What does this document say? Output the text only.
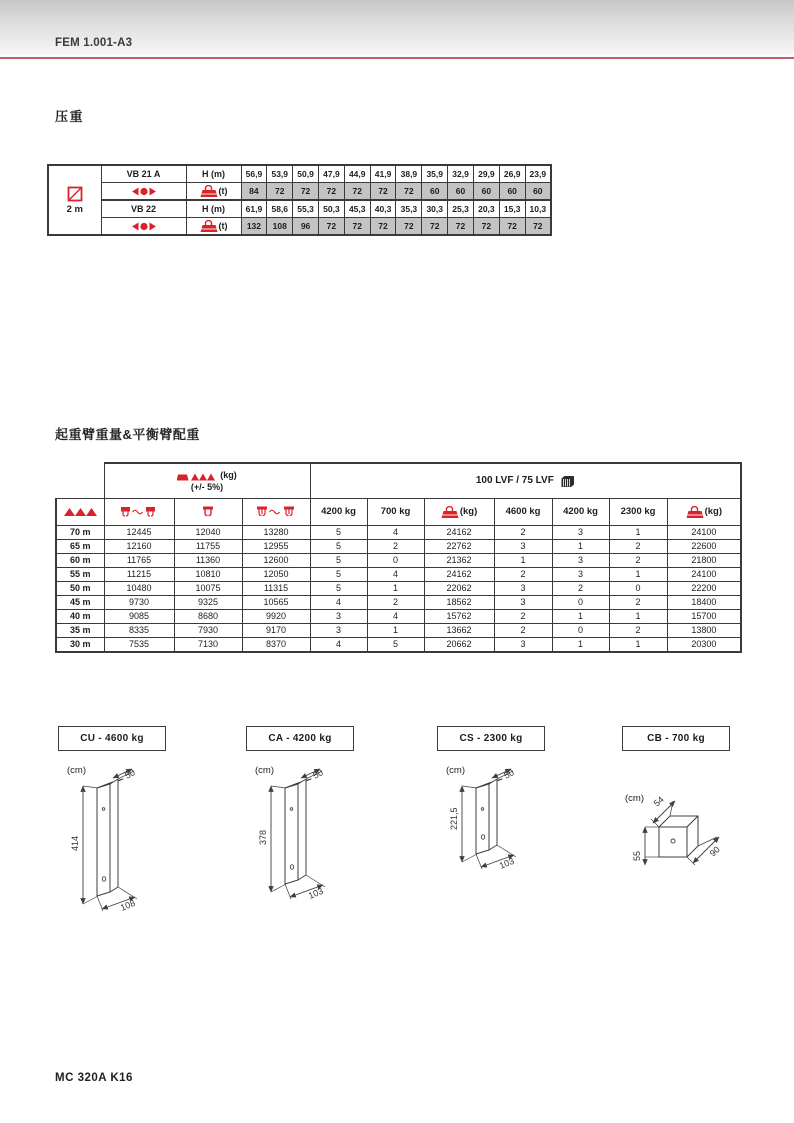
FEM 1.001-A3
压重
2 m	VB 21 A	H (m)	56,9	53,9	50,9	47,9	44,9	41,9	38,9	35,9	32,9	29,9	26,9	23,9

(t)	84	72	72	72	72	72	72	60	60	60	60	60
	VB 22	H (m)	61,9	58,6	55,3	50,3	45,3	40,3	35,3	30,3	25,3	20,3	15,3	10,3

(t)	132	108	96	72	72	72	72	72	72	72	72	72
起重臂重量&平衡臂配重

	(kg)
(+/- 5%)			100 LVF / 75 LVF						

	4200 kg	700 kg	(kg)	4600 kg	4200 kg	2300 kg	(kg)

70 m	12445	12040	13280	5	4	24162	2	3	1	24100
65 m	12160	11755	12955	5	2	22762	3	1	2	22600
60 m	11765	11360	12600	5	0	21362	1	3	2	21800
55 m	11215	10810	12050	5	4	24162	2	3	1	24100
50 m	10480	10075	11315	5	1	22062	3	2	0	22200
45 m	9730	9325	10565	4	2	18562	3	0	2	18400
40 m	9085	8680	9920	3	4	15762	2	1	1	15700
35 m	8335	7930	9170	3	1	13662	2	0	2	13800
30 m	7535	7130	8370	4	5	20662	3	1	1	20300
CU - 4600 kg
414
50
108
(cm)
CA - 4200 kg
378
50
103
(cm)
CS - 2300 kg
221,5
50
103
(cm)
CB - 700 kg
54
90
55
(cm)
MC 320A K16
